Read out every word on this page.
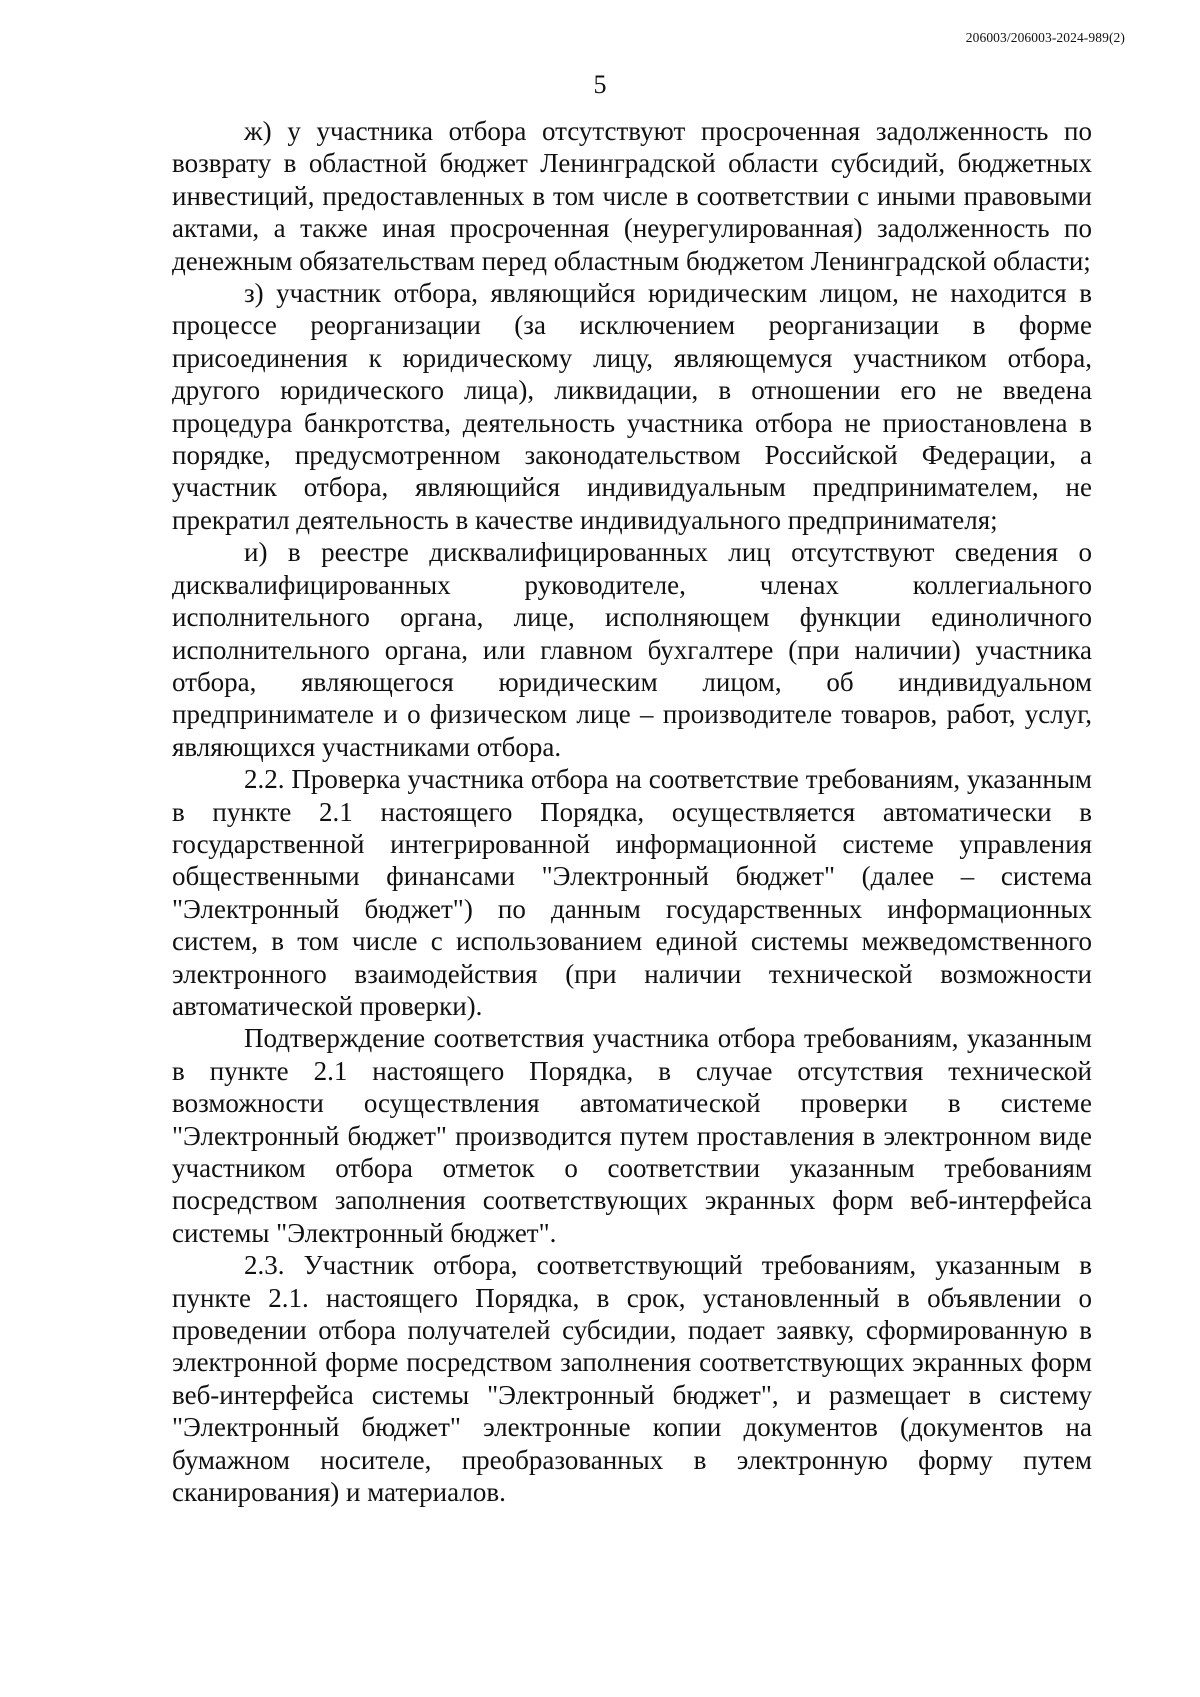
206003/206003-2024-989(2)
5

ж) у участника отбора отсутствуют просроченная задолженность по возврату в областной бюджет Ленинградской области субсидий, бюджетных инвестиций, предоставленных в том числе в соответствии с иными правовыми актами, а также иная просроченная (неурегулированная) задолженность по денежным обязательствам перед областным бюджетом Ленинградской области;

з) участник отбора, являющийся юридическим лицом, не находится в процессе реорганизации (за исключением реорганизации в форме присоединения к юридическому лицу, являющемуся участником отбора, другого юридического лица), ликвидации, в отношении его не введена процедура банкротства, деятельность участника отбора не приостановлена в порядке, предусмотренном законодательством Российской Федерации, а участник отбора, являющийся индивидуальным предпринимателем, не прекратил деятельность в качестве индивидуального предпринимателя;

и) в реестре дисквалифицированных лиц отсутствуют сведения о дисквалифицированных руководителе, членах коллегиального исполнительного органа, лице, исполняющем функции единоличного исполнительного органа, или главном бухгалтере (при наличии) участника отбора, являющегося юридическим лицом, об индивидуальном предпринимателе и о физическом лице – производителе товаров, работ, услуг, являющихся участниками отбора.

2.2. Проверка участника отбора на соответствие требованиям, указанным в пункте 2.1 настоящего Порядка, осуществляется автоматически в государственной интегрированной информационной системе управления общественными финансами "Электронный бюджет" (далее – система "Электронный бюджет") по данным государственных информационных систем, в том числе с использованием единой системы межведомственного электронного взаимодействия (при наличии технической возможности автоматической проверки).

Подтверждение соответствия участника отбора требованиям, указанным в пункте 2.1 настоящего Порядка, в случае отсутствия технической возможности осуществления автоматической проверки в системе "Электронный бюджет" производится путем проставления в электронном виде участником отбора отметок о соответствии указанным требованиям посредством заполнения соответствующих экранных форм веб-интерфейса системы "Электронный бюджет".

2.3. Участник отбора, соответствующий требованиям, указанным в пункте 2.1. настоящего Порядка, в срок, установленный в объявлении о проведении отбора получателей субсидии, подает заявку, сформированную в электронной форме посредством заполнения соответствующих экранных форм веб-интерфейса системы "Электронный бюджет", и размещает в систему "Электронный бюджет" электронные копии документов (документов на бумажном носителе, преобразованных в электронную форму путем сканирования) и материалов.
